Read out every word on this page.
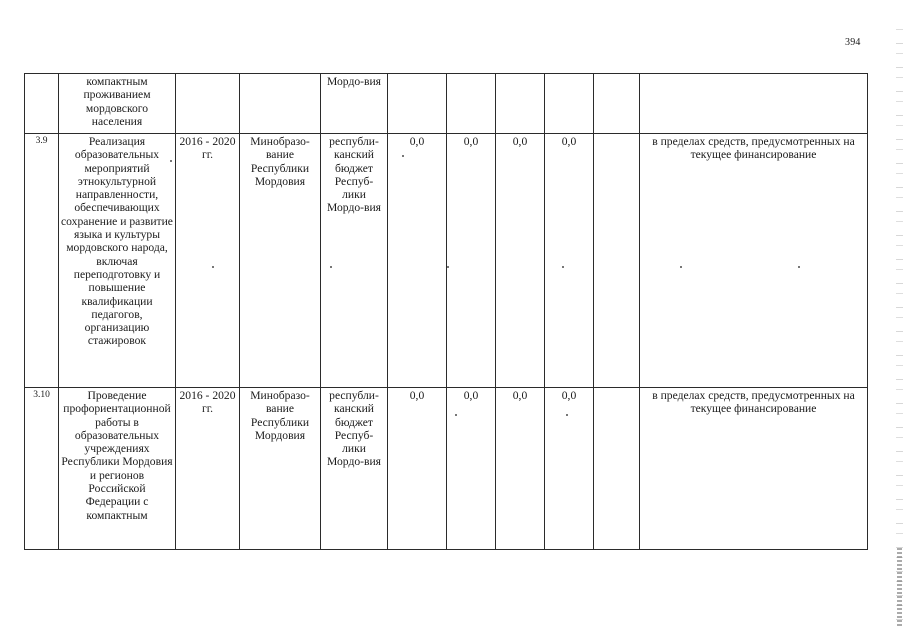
394
	компактным проживанием мордовского населения			Мордо-вия						
3.9	Реализация образовательных мероприятий этнокультурной направленности, обеспечивающих сохранение и развитие языка и культуры мордовского народа, включая переподготовку и повышение квалификации педагогов, организацию стажировок	2016 - 2020 гг.	Минобразо-вание Республики Мордовия	республи-канский бюджет Респуб-лики Мордо-вия	0,0	0,0	0,0	0,0		в пределах средств, предусмотренных на текущее финансирование
3.10	Проведение профориентационной работы в образовательных учреждениях Республики Мордовия и регионов Российской Федерации с компактным	2016 - 2020 гг.	Минобразо-вание Республики Мордовия	республи-канский бюджет Респуб-лики Мордо-вия	0,0	0,0	0,0	0,0		в пределах средств, предусмотренных на текущее финансирование
